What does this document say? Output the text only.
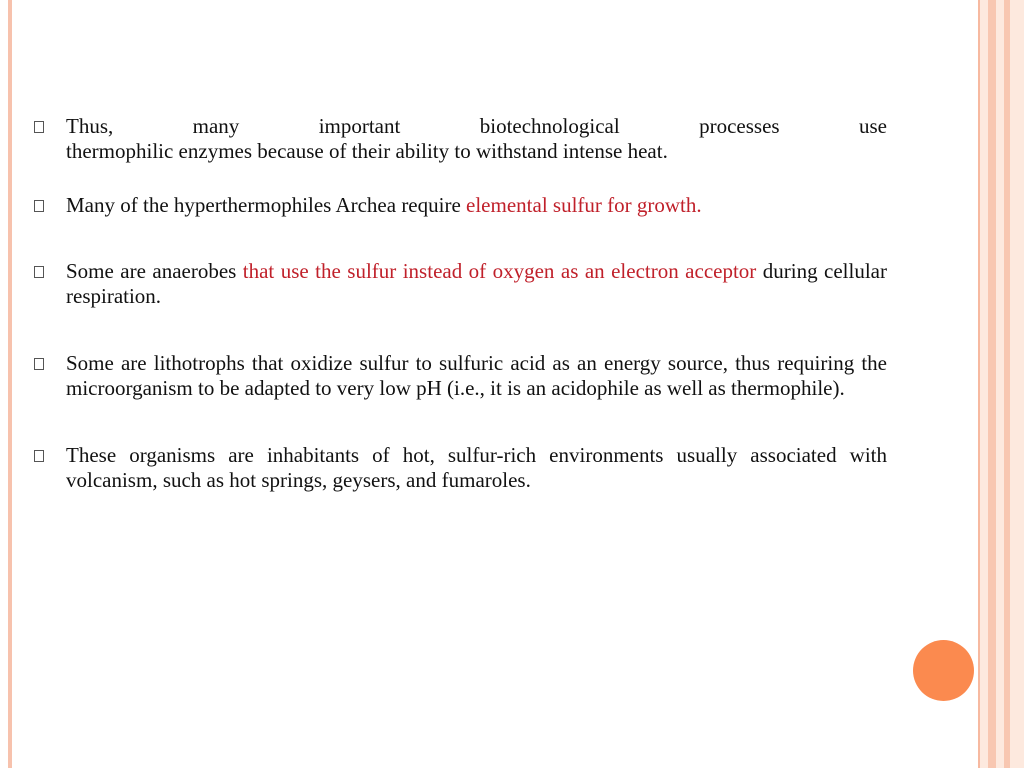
Thus,	many	important	biotechnological	processes	use
thermophilic enzymes because of their ability to withstand intense heat.
Many of the hyperthermophiles Archea require elemental sulfur for growth.
Some are anaerobes that use the sulfur instead of oxygen as an electron acceptor during cellular respiration.
Some are lithotrophs that oxidize sulfur to sulfuric acid as an energy source, thus requiring the microorganism to be adapted to very low pH (i.e., it is an acidophile as well as thermophile).
These organisms are inhabitants of hot, sulfur-rich environments usually associated with volcanism, such as hot springs, geysers, and fumaroles.
